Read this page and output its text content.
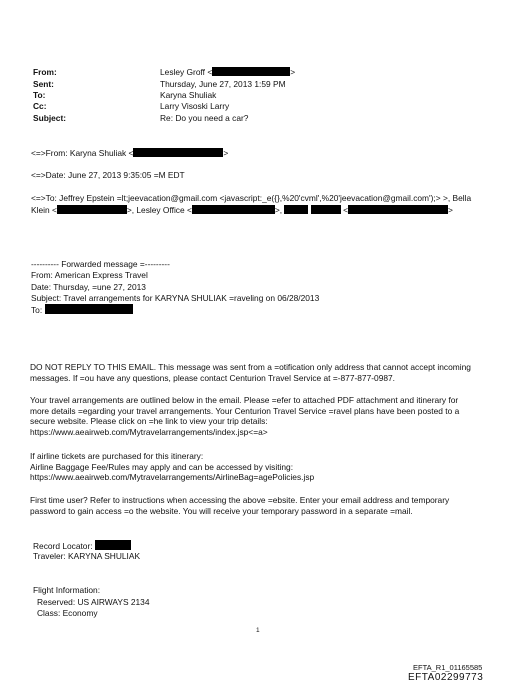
From:	Lesley Groff <	>
Sent:	Thursday, June 27, 2013 1:59 PM
To:	Karyna Shuliak
Cc:	Larry Visoski Larry
Subject:	Re: Do you need a car?
<=>From: Karyna Shuliak <	>
<=>Date: June 27, 2013 9:35:05 =M EDT
<=>To: Jeffrey Epstein =lt;jeevacation@gmail.com <javascript:_e({},%20'cvml',%20'jeevacation@gmail.com');> >, Bella
Klein <	>, Lesley Office <	>,	<	>
---------- Forwarded message =---------
From: American Express Travel
Date: Thursday, =une 27, 2013
Subject: Travel arrangements for KARYNA SHULIAK =raveling on 06/28/2013
To:
DO NOT REPLY TO THIS EMAIL. This message was sent from a =otification only address that cannot accept incoming
messages. If =ou have any questions, please contact Centurion Travel Service at =-877-877-0987.
Your travel arrangements are outlined below in the email. Please =efer to attached PDF attachment and itinerary for
more details =egarding your travel arrangements. Your Centurion Travel Service =ravel plans have been posted to a
secure website. Please click on =he link to view your trip details:
https://www.aeairweb.com/Mytravelarrangements/index.jsp<=a>
If airline tickets are purchased for this itinerary:
Airline Baggage Fee/Rules may apply and can be accessed by visiting:
https://www.aeairweb.com/Mytravelarrangements/AirlineBag=agePolicies.jsp
First time user? Refer to instructions when accessing the above =ebsite. Enter your email address and temporary
password to gain access =o the website. You will receive your temporary password in a separate =mail.
Record Locator:
Traveler: KARYNA SHULIAK
Flight Information:
Reserved: US AIRWAYS 2134
Class: Economy
1
EFTA_R1_01165585
EFTA02299773
